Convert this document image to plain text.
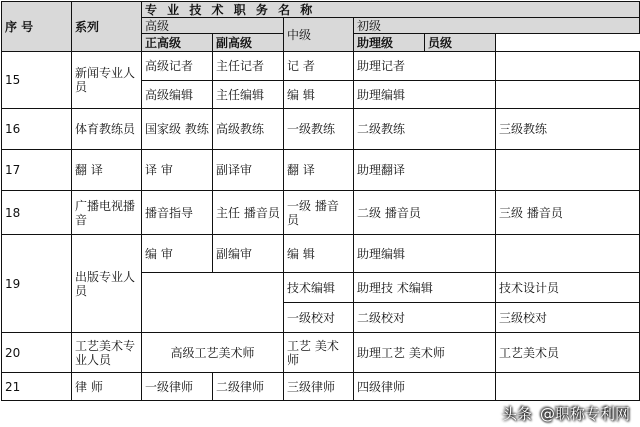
序 号	系列	专 业 技 术 职 务 名 称					
		高级		中级	初级		
		正高级	副高级		助理级	员级	
15	新闻专业人员	高级记者	主任记者	记 者	助理记者		
		高级编辑	主任编辑	编 辑	助理编辑		
16	体育教练员	国家级 教练	高级教练	一级教练	二级教练		三级教练
17	翻 译	译 审	副译审	翻 译	助理翻译		
18	广播电视播音	播音指导	主任 播音员	一级 播音员	二级 播音员		三级 播音员
19	出版专业人员	编 审	副编审	编 辑	助理编辑		
				技术编辑	助理技 术编辑		技术设计员
				一级校对	二级校对		三级校对
20	工艺美术专业人员	高级工艺美术师		工艺 美术师	助理工艺 美术师		工艺美术员
21	律 师	一级律师	二级律师	三级律师	四级律师		
头条 @职称专利网
